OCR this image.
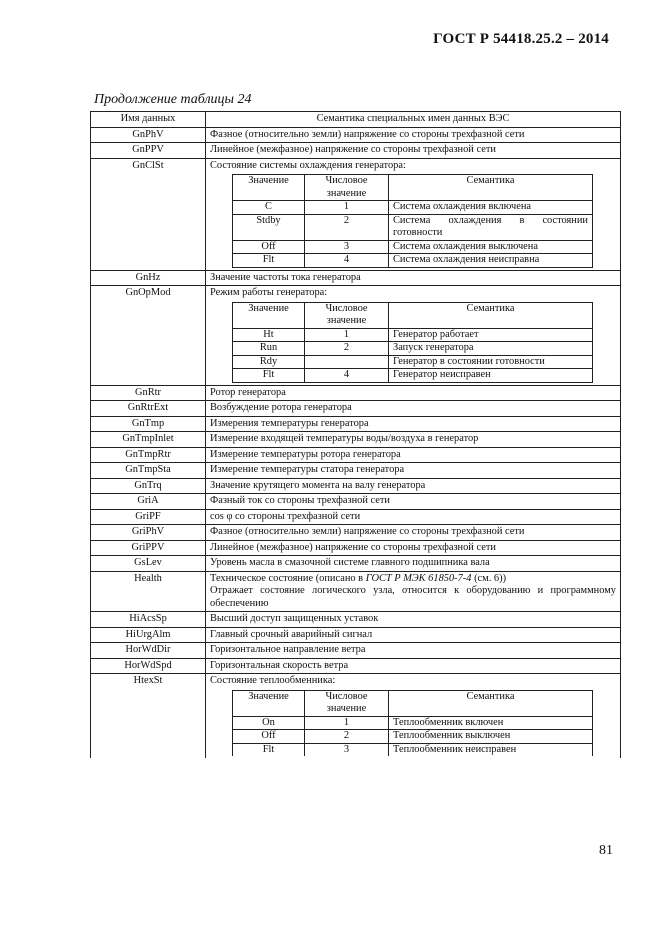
ГОСТ Р 54418.25.2 – 2014
Продолжение таблицы 24
Имя данных	Семантика специальных имен данных ВЭС
GnPhV	Фазное (относительно земли) напряжение со стороны трехфазной сети
GnPPV	Линейное (межфазное) напряжение со стороны трехфазной сети
GnClSt	Состояние системы охлаждения генератора:
Значение	Числовое значение	Семантика
C	1	Система охлаждения включена
Stdby	2	Система охлаждения в состоянии готовности
Off	3	Система охлаждения выключена
Flt	4	Система охлаждения неисправна

GnHz	Значение частоты тока генератора
GnOpMod	Режим работы генератора:
Значение	Числовое значение	Семантика
Ht	1	Генератор работает
Run	2	Запуск генератора
Rdy		Генератор в состоянии готовности
Flt	4	Генератор неисправен

GnRtr	Ротор генератора
GnRtrExt	Возбуждение ротора генератора
GnTmp	Измерения температуры генератора
GnTmpInlet	Измерение входящей температуры воды/воздуха в генератор
GnTmpRtr	Измерение температуры ротора генератора
GnTmpSta	Измерение температуры статора генератора
GnTrq	Значение крутящего момента на валу генератора
GriA	Фазный ток со стороны трехфазной сети
GriPF	cos φ со стороны трехфазной сети
GriPhV	Фазное (относительно земли) напряжение со стороны трехфазной сети
GriPPV	Линейное (межфазное) напряжение со стороны трехфазной сети
GsLev	Уровень масла в смазочной системе главного подшипника вала
Health	Техническое состояние (описано в ГОСТ Р МЭК 61850-7-4 (см. 6))
Отражает состояние логического узла, относится к оборудованию и программному обеспечению

HiAcsSp	Высший доступ защищенных уставок
HiUrgAlm	Главный срочный аварийный сигнал
HorWdDir	Горизонтальное направление ветра
HorWdSpd	Горизонтальная скорость ветра
HtexSt	Состояние теплообменника:
Значение	Числовое значение	Семантика
On	1	Теплообменник включен
Off	2	Теплообменник выключен
Flt	3	Теплообменник неисправен
81
